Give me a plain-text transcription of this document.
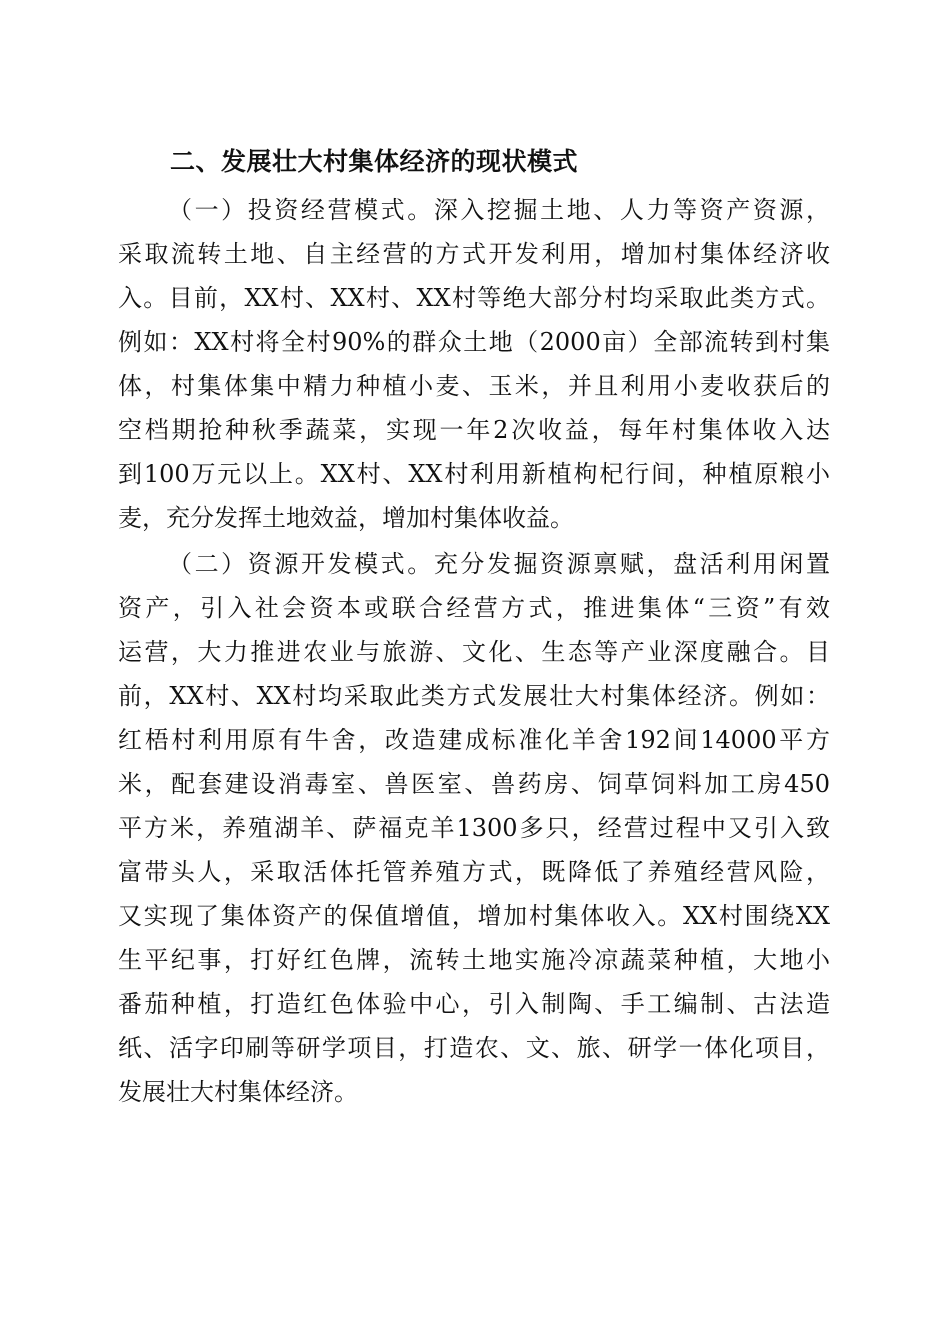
二、发展壮大村集体经济的现状模式

（一）投资经营模式。深入挖掘土地、人力等资产资源，

采取流转土地、自主经营的方式开发利用，增加村集体经济收

入。目前，XX村、XX村、XX村等绝大部分村均采取此类方式。

例如：XX村将全村90%的群众土地（2000亩）全部流转到村集

体，村集体集中精力种植小麦、玉米，并且利用小麦收获后的

空档期抢种秋季蔬菜，实现一年2次收益，每年村集体收入达

到100万元以上。XX村、XX村利用新植枸杞行间，种植原粮小

麦，充分发挥土地效益，增加村集体收益。

（二）资源开发模式。充分发掘资源禀赋，盘活利用闲置

资产，引入社会资本或联合经营方式，推进集体“三资”有效

运营，大力推进农业与旅游、文化、生态等产业深度融合。目

前，XX村、XX村均采取此类方式发展壮大村集体经济。例如：

红梧村利用原有牛舍，改造建成标准化羊舍192间14000平方

米，配套建设消毒室、兽医室、兽药房、饲草饲料加工房450

平方米，养殖湖羊、萨福克羊1300多只，经营过程中又引入致

富带头人，采取活体托管养殖方式，既降低了养殖经营风险，

又实现了集体资产的保值增值，增加村集体收入。XX村围绕XX

生平纪事，打好红色牌，流转土地实施冷凉蔬菜种植，大地小

番茄种植，打造红色体验中心，引入制陶、手工编制、古法造

纸、活字印刷等研学项目，打造农、文、旅、研学一体化项目，

发展壮大村集体经济。
